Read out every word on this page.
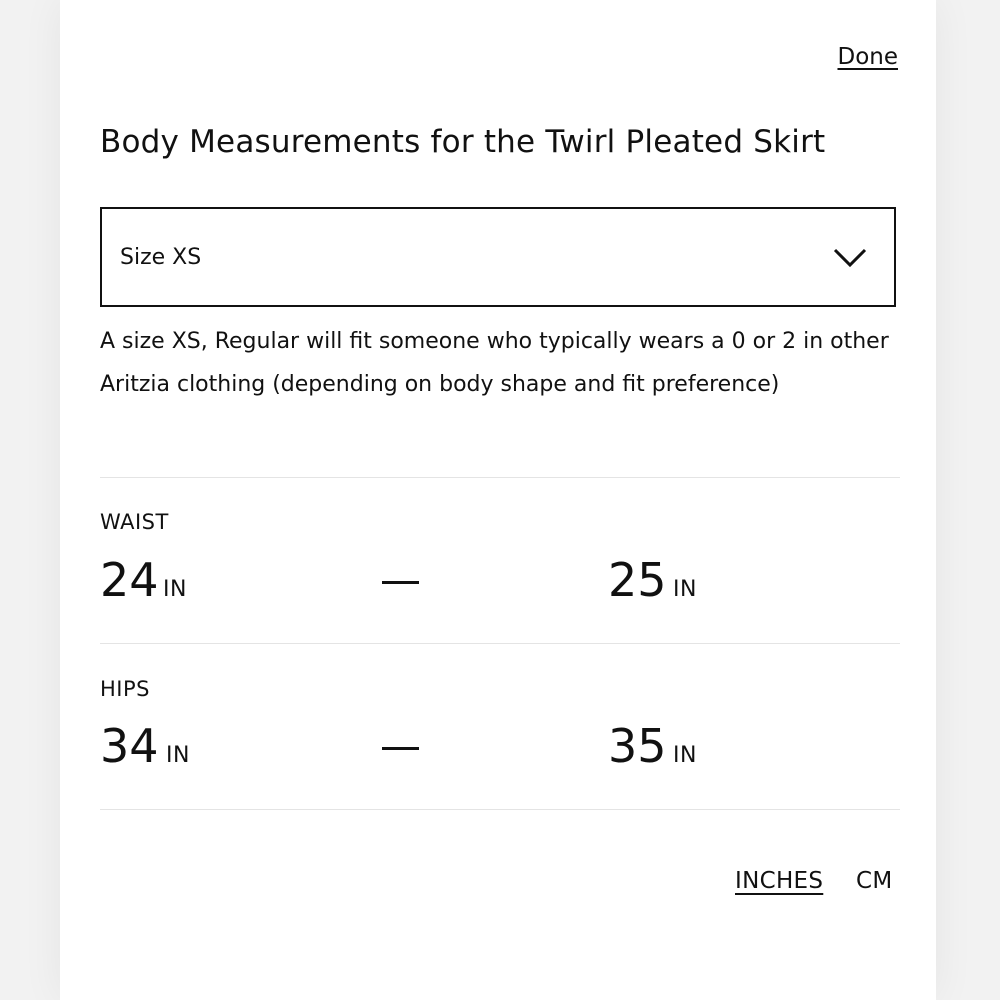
Done
Body Measurements for the Twirl Pleated Skirt
Size XS

A size XS, Regular will fit someone who typically wears a 0 or 2 in other Aritzia clothing (depending on body shape and fit preference)

WAIST
24 IN	25 IN
HIPS
34 IN	35 IN
INCHES CM
